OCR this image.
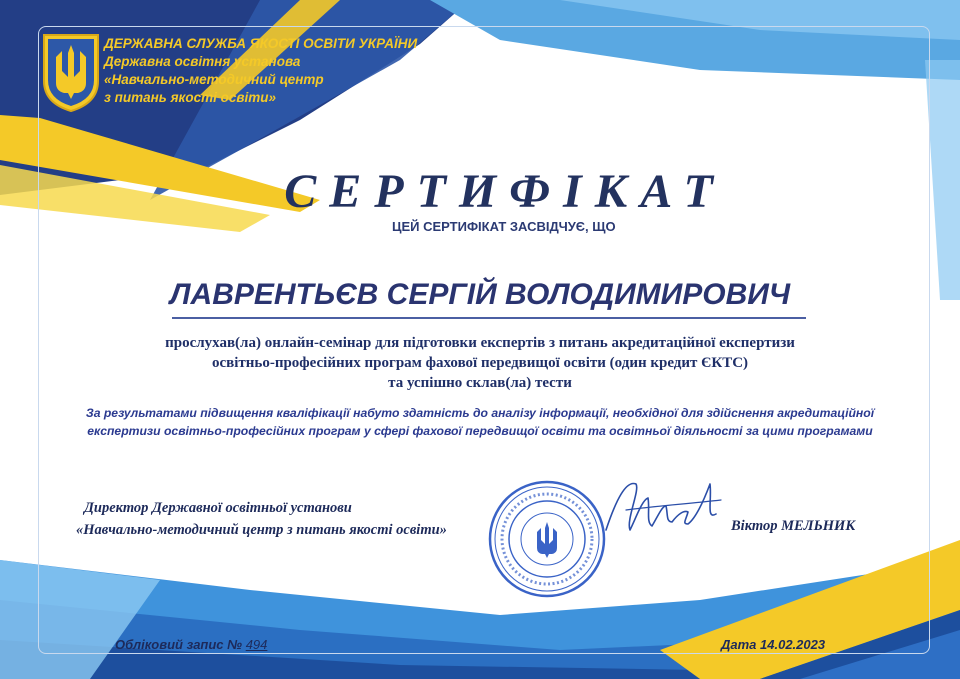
ДЕРЖАВНА СЛУЖБА ЯКОСТІ ОСВІТИ УКРАЇНИ
Державна освітня установа
«Навчально-методичний центр
з питань якості освіти»
СЕРТИФІКАТ
ЦЕЙ СЕРТИФІКАТ ЗАСВІДЧУЄ, ЩО
ЛАВРЕНТЬЄВ СЕРГІЙ ВОЛОДИМИРОВИЧ
прослухав(ла) онлайн-семінар для підготовки експертів з питань акредитаційної експертизи
освітньо-професійних програм фахової передвищої освіти (один кредит ЄКТС)
та успішно склав(ла) тести
За результатами підвищення кваліфікації набуто здатність до аналізу інформації, необхідної для здійснення акредитаційної
експертизи освітньо-професійних програм у сфері фахової передвищої освіти та освітньої діяльності за цими програмами
Директор Державної освітньої установи
«Навчально-методичний центр з питань якості освіти»	Віктор МЕЛЬНИК
Обліковий запис № 494	Дата 14.02.2023
